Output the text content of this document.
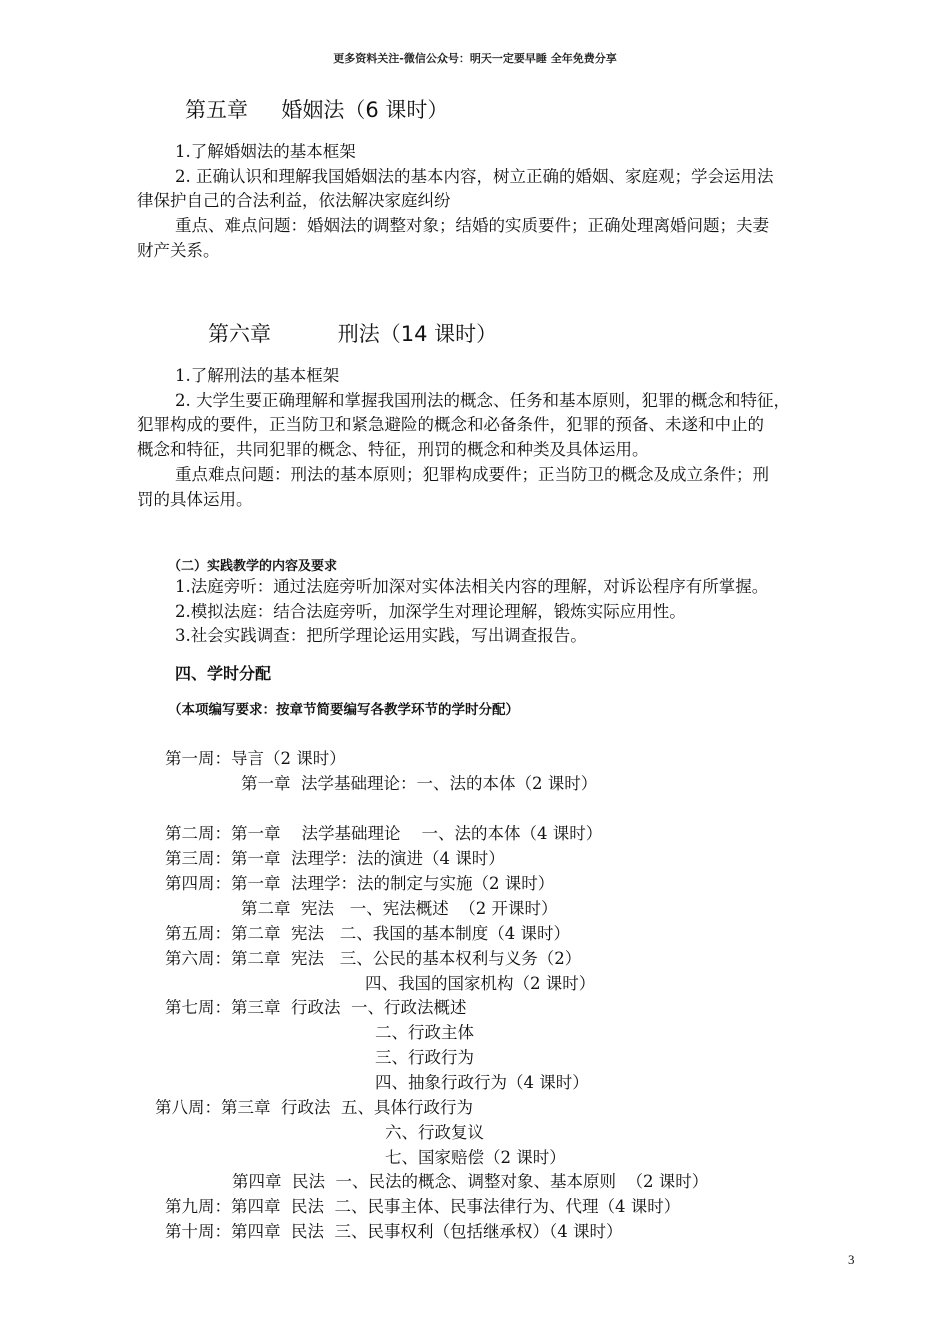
更多资料关注-微信公众号：明天一定要早睡 全年免费分享
第五章     婚姻法（6 课时）
1.了解婚姻法的基本框架
2. 正确认识和理解我国婚姻法的基本内容，树立正确的婚姻、家庭观；学会运用法
律保护自己的合法利益，依法解决家庭纠纷
重点、难点问题：婚姻法的调整对象；结婚的实质要件；正确处理离婚问题；夫妻
财产关系。
第六章          刑法（14 课时）
1.了解刑法的基本框架
2. 大学生要正确理解和掌握我国刑法的概念、任务和基本原则，犯罪的概念和特征，
犯罪构成的要件，正当防卫和紧急避险的概念和必备条件，犯罪的预备、未遂和中止的
概念和特征，共同犯罪的概念、特征，刑罚的概念和种类及具体运用。
重点难点问题：刑法的基本原则；犯罪构成要件；正当防卫的概念及成立条件；刑
罚的具体运用。
（二）实践教学的内容及要求
1.法庭旁听：通过法庭旁听加深对实体法相关内容的理解，对诉讼程序有所掌握。
2.模拟法庭：结合法庭旁听，加深学生对理论理解，锻炼实际应用性。
3.社会实践调查：把所学理论运用实践，写出调查报告。
四、学时分配
（本项编写要求：按章节简要编写各教学环节的学时分配）
第一周：导言（2 课时）
第一章  法学基础理论：一、法的本体（2 课时）
第二周：第一章    法学基础理论    一、法的本体（4 课时）
第三周：第一章  法理学：法的演进（4 课时）
第四周：第一章  法理学：法的制定与实施（2 课时）
第二章  宪法   一、宪法概述  （2 开课时）
第五周：第二章  宪法   二、我国的基本制度（4 课时）
第六周：第二章  宪法   三、公民的基本权利与义务（2）
四、我国的国家机构（2 课时）
第七周：第三章  行政法  一、行政法概述
二、行政主体
三、行政行为
四、抽象行政行为（4 课时）
第八周：第三章  行政法  五、具体行政行为
六、行政复议
七、国家赔偿（2 课时）
第四章  民法  一、民法的概念、调整对象、基本原则  （2 课时）
第九周：第四章  民法  二、民事主体、民事法律行为、代理（4 课时）
第十周：第四章  民法  三、民事权利（包括继承权）（4 课时）
3
